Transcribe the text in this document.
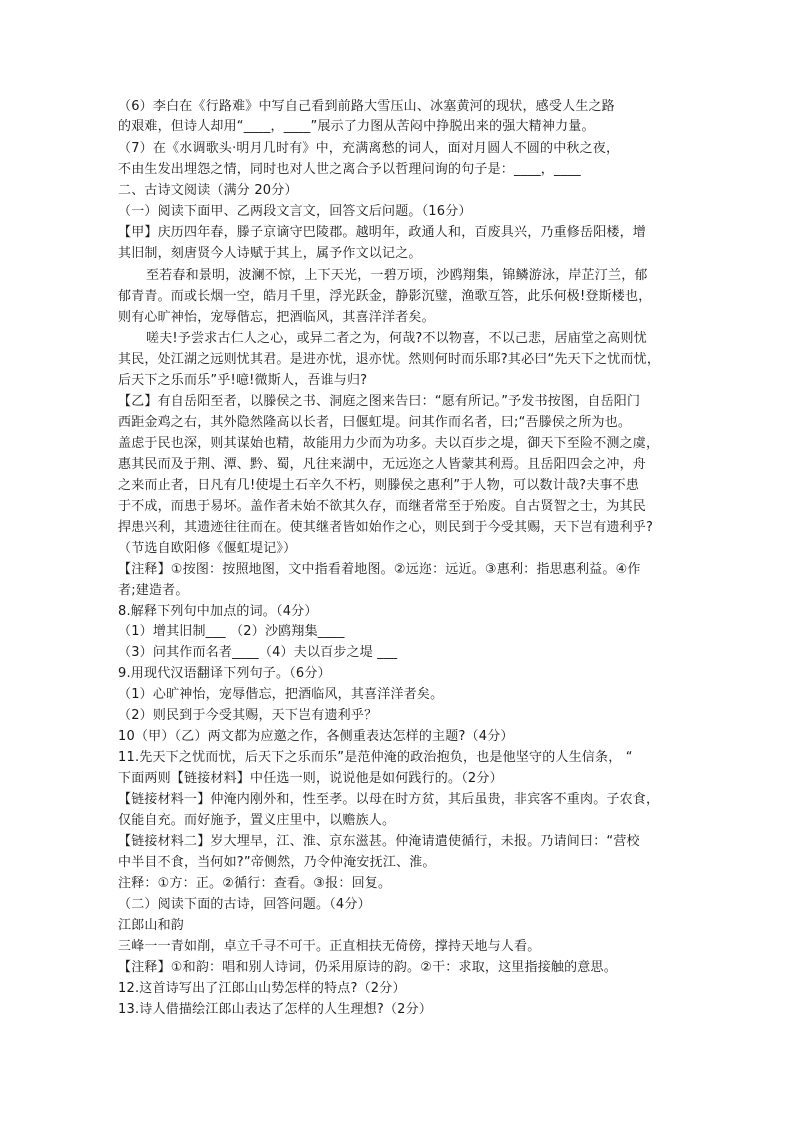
（6）李白在《行路难》中写自己看到前路大雪压山、冰塞黄河的现状，感受人生之路
的艰难，但诗人却用“____，____”展示了力图从苦闷中挣脱出来的强大精神力量。
（7）在《水调歌头·明月几时有》中，充满离愁的词人，面对月圆人不圆的中秋之夜，
不由生发出埋怨之情，同时也对人世之离合予以哲理问询的句子是：____，____
二、古诗文阅读（满分 20分）
（一）阅读下面甲、乙两段文言文，回答文后问题。（16分）
【甲】庆历四年春，滕子京谪守巴陵郡。越明年，政通人和，百废具兴，乃重修岳阳楼，增
其旧制，刻唐贤今人诗赋于其上，属予作文以记之。
至若春和景明，波澜不惊，上下天光，一碧万顷，沙鸥翔集，锦鳞游泳，岸芷汀兰，郁
郁青青。而或长烟一空，皓月千里，浮光跃金，静影沉璧，渔歌互答，此乐何极!登斯楼也，
则有心旷神怡，宠辱偕忘，把酒临风，其喜洋洋者矣。
嗟夫!予尝求古仁人之心，或异二者之为，何哉?不以物喜，不以己悲，居庙堂之高则忧
其民，处江湖之远则忧其君。是进亦忧，退亦忧。然则何时而乐耶?其必曰“先天下之忧而忧，
后天下之乐而乐”乎!噫!微斯人，吾谁与归?
【乙】有自岳阳至者，以滕侯之书、洞庭之图来告曰：“愿有所记。”予发书按图，自岳阳门
西距金鸡之右，其外隐然隆高以长者，曰偃虹堤。问其作而名者，曰;“吾滕侯之所为也。
盖虑于民也深，则其谋始也精，故能用力少而为功多。夫以百步之堤，御天下至险不测之虞，
惠其民而及于荆、潭、黔、蜀，凡往来湖中，无远迩之人皆蒙其利焉。且岳阳四会之冲，舟
之来而止者，日凡有几!使堤土石辛久不朽，则滕侯之惠利”于人物，可以数计哉?夫事不患
于不成，而患于易坏。盖作者未始不欲其久存，而继者常至于殆废。自古贤智之士，为其民
捍患兴利，其遗迹往往而在。使其继者皆如始作之心，则民到于今受其赐，天下岂有遗利乎?
（节选自欧阳修《偃虹堤记》）
【注释】①按图：按照地图，文中指看着地图。②远迩：远近。③惠利：指思惠利益。④作
者;建造者。
8.解释下列句中加点的词。（4分）
（1）增其旧制___ （2）沙鸥翔集____
（3）问其作而名者____（4）夫以百步之堤 ___
9.用现代汉语翻译下列句子。（6分）
（1）心旷神怡，宠辱偕忘，把酒临风，其喜洋洋者矣。
（2）则民到于今受其赐，天下岂有遗利乎？
10（甲）（乙）两文都为应邀之作，各侧重表达怎样的主题?（4分）
11.先天下之忧而忧，后天下之乐而乐”是范仲淹的政治抱负，也是他坚守的人生信条， “
下面两则【链接材料】中任选一则，说说他是如何践行的。（2分）
【链接材料一】仲淹内刚外和，性至孝。以母在时方贫，其后虽贵，非宾客不重肉。子农食，
仅能自充。而好施予，置义庄里中，以赡族人。
【链接材料二】岁大埋早，江、淮、京东滋甚。仲淹请遣使循行，未报。乃请间曰：“营校
中半目不食，当何如?”帝侧然，乃令仲淹安抚江、淮。
注释：①方：正。②循行：查看。③报：回复。
（二）阅读下面的古诗，回答问题。（4分）
江郎山和韵
三峰一一青如削，卓立千寻不可干。正直相扶无倚傍，撑持天地与人看。
【注释】①和韵：唱和别人诗词，仍采用原诗的韵。②干：求取，这里指接触的意思。
12.这首诗写出了江郎山山势怎样的特点?（2分）
13.诗人借描绘江郎山表达了怎样的人生理想?（2分）
